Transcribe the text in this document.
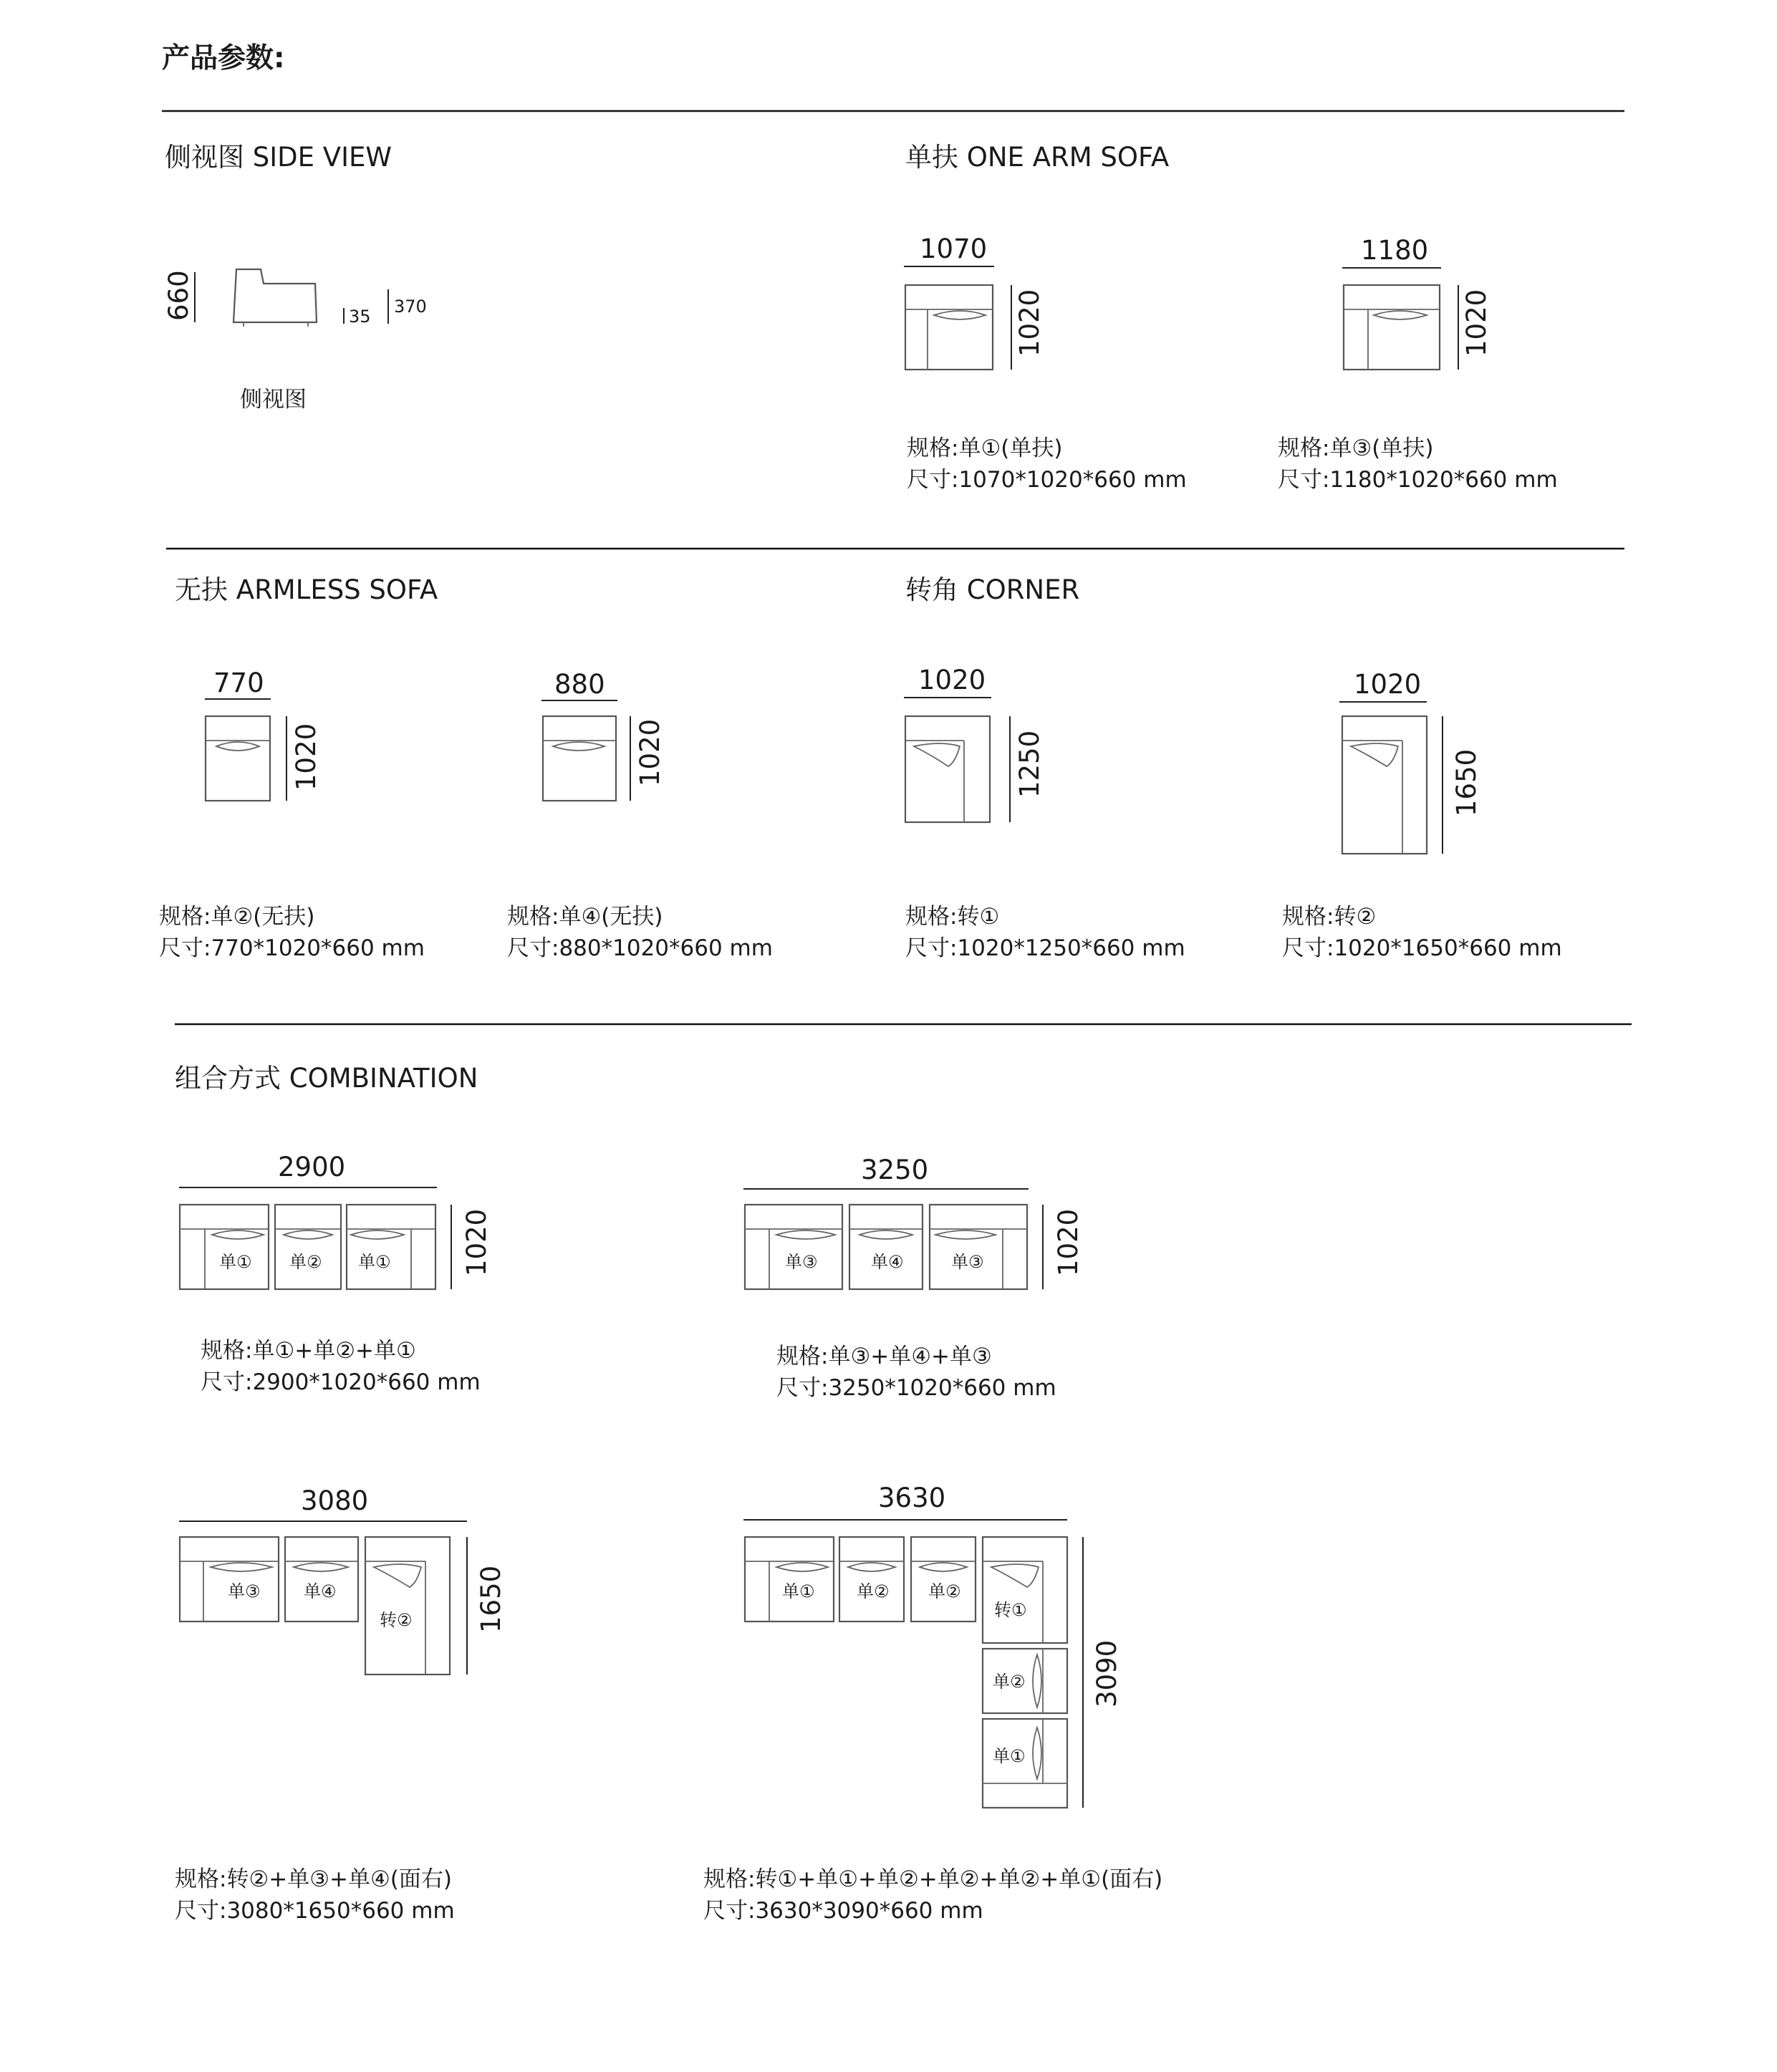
产品参数:
侧视图 SIDE VIEW
660	35 370
侧视图
单扶 ONE ARM SOFA
1070
1020
规格:单①(单扶)
尺寸:1070*1020*660 mm
1180
1020
规格:单③(单扶)
尺寸:1180*1020*660 mm
无扶 ARMLESS SOFA
770
1020
规格:单②(无扶)
尺寸:770*1020*660 mm
880
1020
规格:单④(无扶)
尺寸:880*1020*660 mm
转角 CORNER
1020
1250
规格:转①
尺寸:1020*1250*660 mm
1020
1650
规格:转②
尺寸:1020*1650*660 mm
组合方式 COMBINATION
2900
单① 单② 单①	1020
规格:单①+单②+单①
尺寸:2900*1020*660 mm
3250
单③	单④	单③	1020
规格:单③+单④+单③
尺寸:3250*1020*660 mm
3080
单③	单④
转② 1650
规格:转②+单③+单④(面右)
尺寸:3080*1650*660 mm
3630
单① 单② 单②
转①
单②
单①
3090
规格:转①+单①+单②+单②+单②+单①(面右)
尺寸:3630*3090*660 mm
